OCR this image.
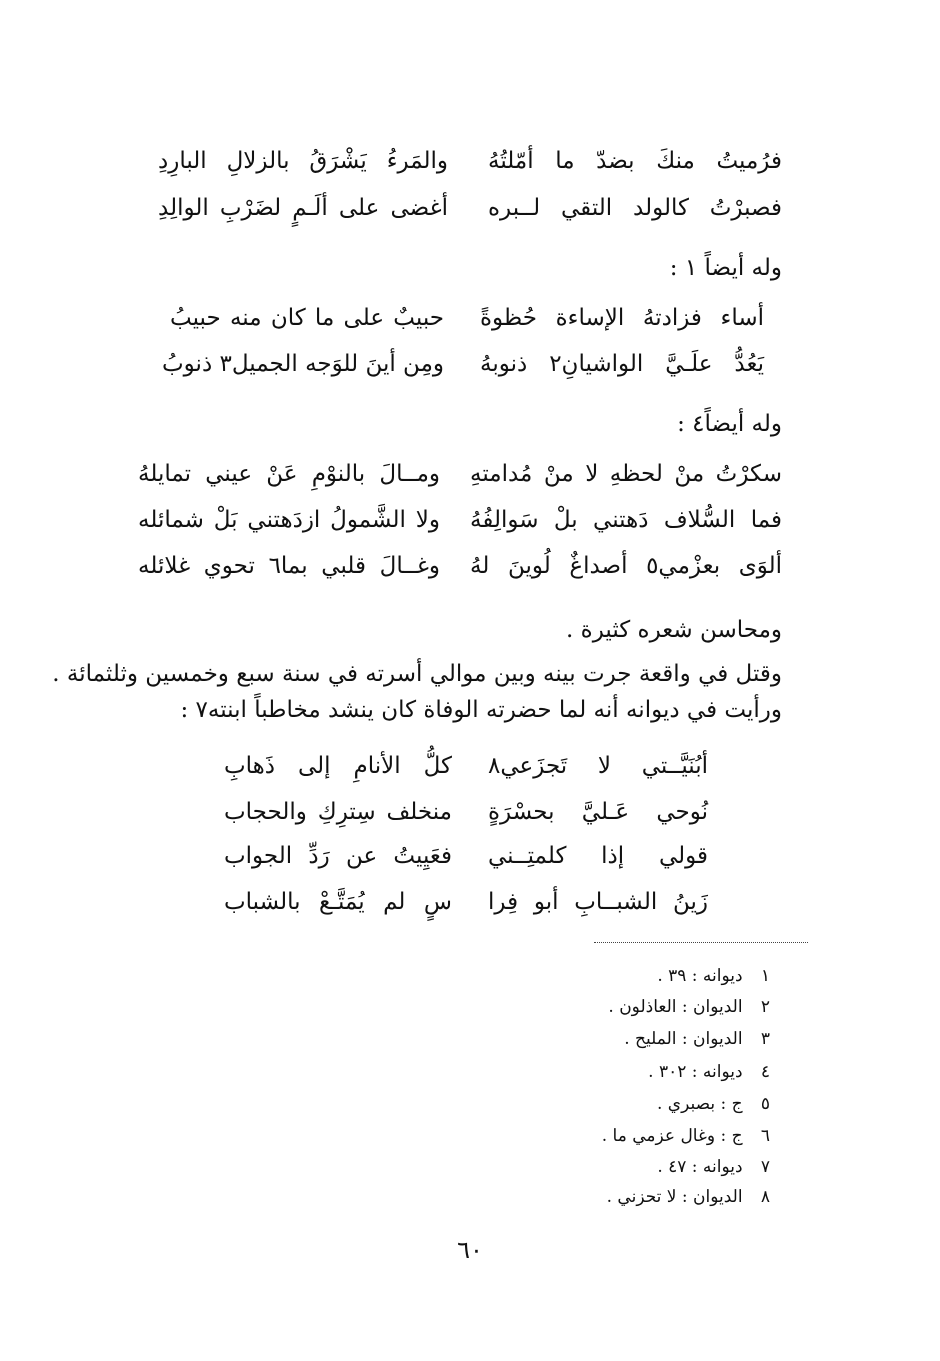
فرُميتُ منكَ بضدّ ما أمّلتُهُ
والمَرءُ يَشْرَقُ بالزلالِ البارِدِ
فصبرْتُ كالولد التقي لــبره
أغضى على ألَـمٍ لضَرْبِ الوالِدِ
وله أيضاً ١ :
أساء فزادتهُ الإساءة حُظوةً
حبيبٌ على ما كان منه حبيبُ
يَعُدُّ علَـيَّ الواشيانِ٢ ذنوبهُ
ومِن أينَ للوَجه الجميل٣ ذنوبُ
وله أيضاً٤ :
سكرْتُ منْ لحظهِ لا منْ مُدامتهِ
ومــالَ بالنوْمِ عَنْ عيني تمايلهُ
فما السُّلاف دَهتني بلْ سَوالِفُهُ
ولا الشَّمولُ ازدَهتني بَلْ شمائله
ألوَى بعزْمي٥ أصداغٌ لُوينَ لهُ
وغــالَ قلبي بما٦ تحوي غلائله
ومحاسن شعره كثيرة .
وقتل في واقعة جرت بينه وبين موالي أسرته في سنة سبع وخمسين وثلثمائة .
ورأيت في ديوانه أنه لما حضرته الوفاة كان ينشد مخاطباً ابنته٧ :
أبُنَيَّــتي لا تَجزَعي٨
كلُّ الأنامِ إلى ذَهابِ
نُوحي عَـليَّ بحسْرَةٍ
منخلف سِترِكِ والحجاب
قولي إذا كلمتِــني
فعَيِيتُ عن رَدِّ الجواب
زَينُ الشبــابِ أبو فِرا
سٍ لم يُمَتَّـعْ بالشباب
١ ديوانه : ٣٩ .
٢ الديوان : العاذلون .
٣ الديوان : المليح .
٤ ديوانه : ٣٠٢ .
٥ ج : بصبري .
٦ ج : وغال عزمي ما .
٧ ديوانه : ٤٧ .
٨ الديوان : لا تحزني .
٦٠
